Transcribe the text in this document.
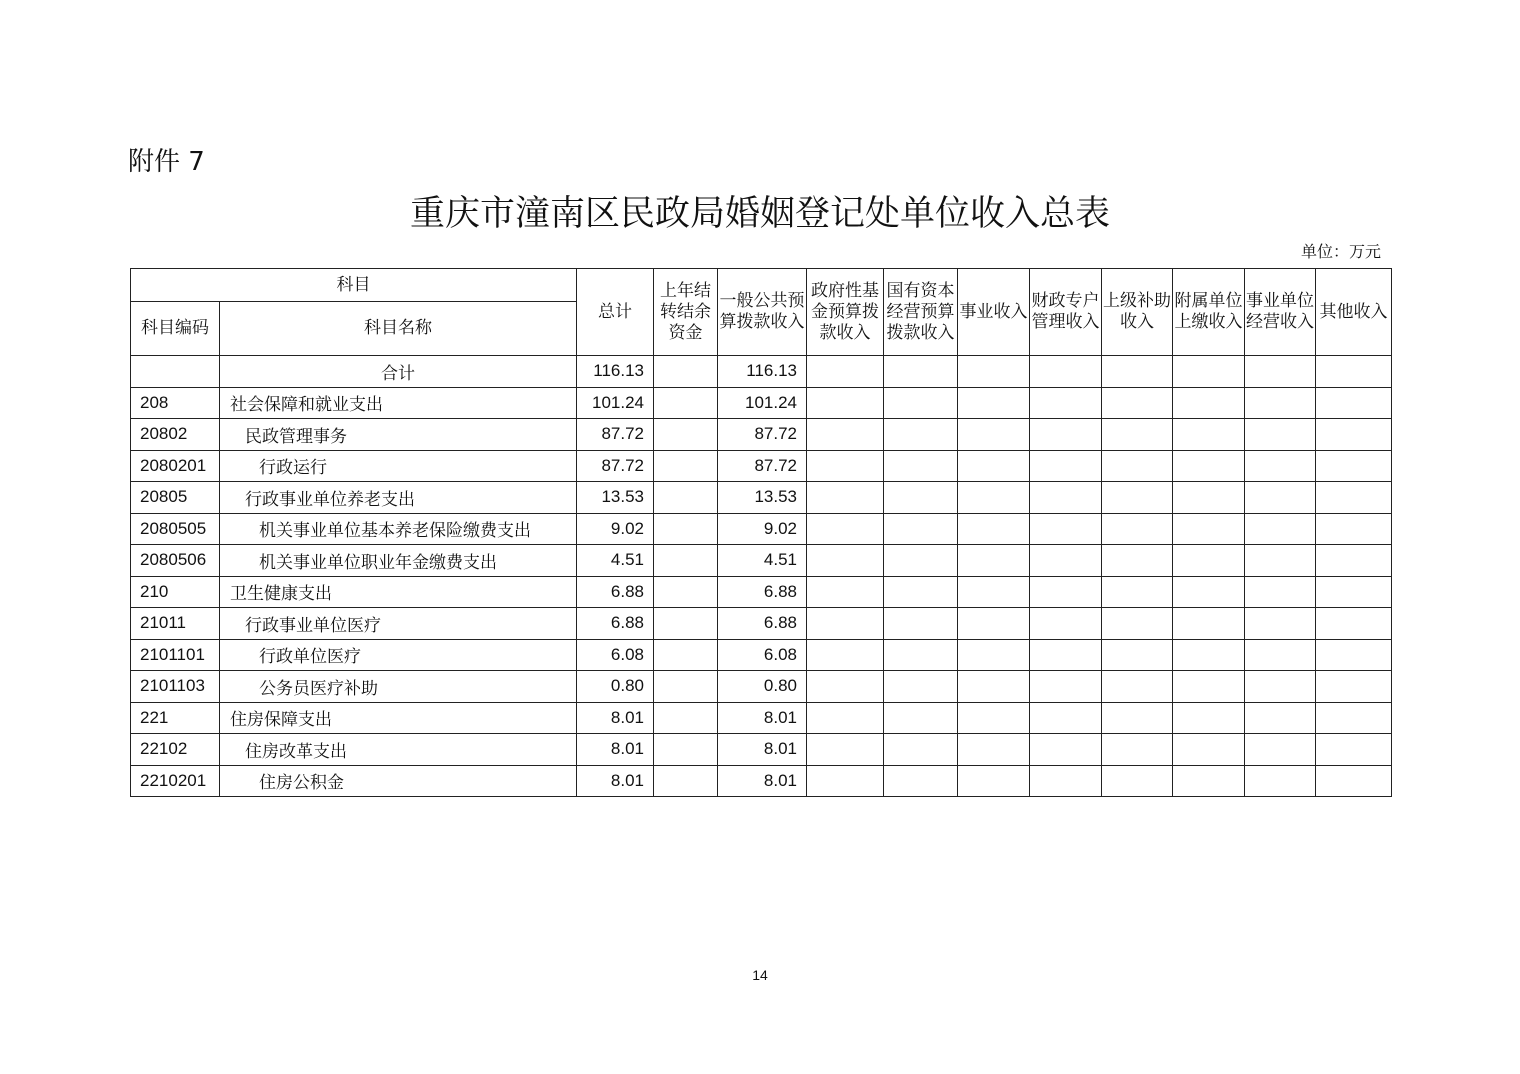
附件 7
重庆市潼南区民政局婚姻登记处单位收入总表
单位：万元
科目		总计	上年结转结余资金	一般公共预算拨款收入	政府性基金预算拨款收入	国有资本经营预算拨款收入	事业收入	财政专户管理收入	上级补助收入	附属单位上缴收入	事业单位经营收入	其他收入
科目编码	科目名称											
	合计	116.13		116.13								
208	社会保障和就业支出	101.24		101.24								
20802	民政管理事务	87.72		87.72								
2080201	行政运行	87.72		87.72								
20805	行政事业单位养老支出	13.53		13.53								
2080505	机关事业单位基本养老保险缴费支出	9.02		9.02								
2080506	机关事业单位职业年金缴费支出	4.51		4.51								
210	卫生健康支出	6.88		6.88								
21011	行政事业单位医疗	6.88		6.88								
2101101	行政单位医疗	6.08		6.08								
2101103	公务员医疗补助	0.80		0.80								
221	住房保障支出	8.01		8.01								
22102	住房改革支出	8.01		8.01								
2210201	住房公积金	8.01		8.01								
14
